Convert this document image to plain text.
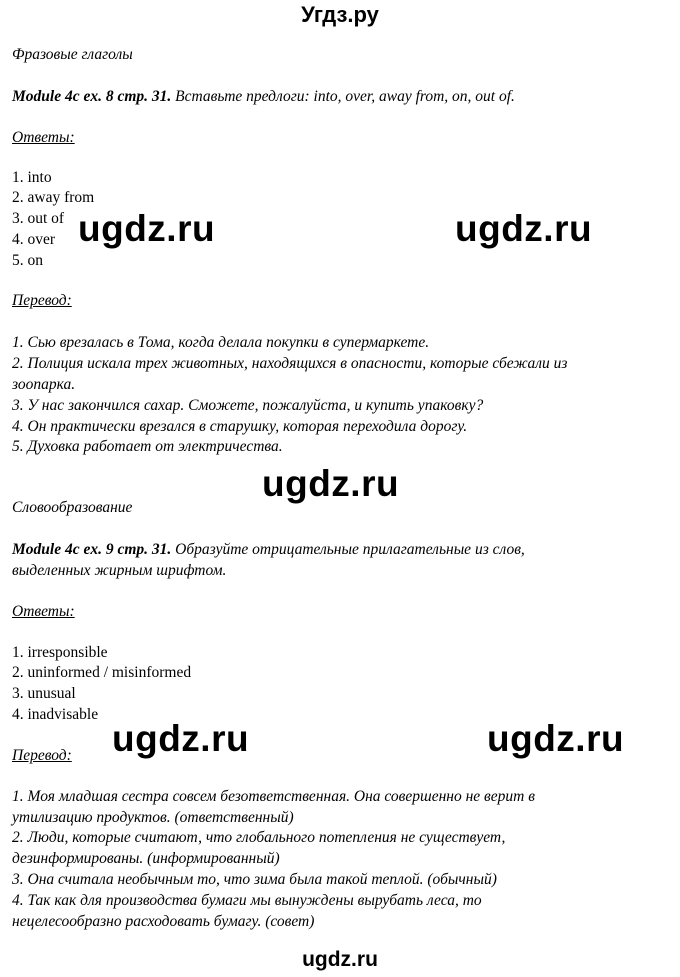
Угдз.ру
Фразовые глаголы
Module 4c ex. 8 стр. 31. Вставьте предлоги: into, over, away from, on, out of.
Ответы:
1. into
2. away from
3. out of
4. over
5. on
Перевод:
1. Сью врезалась в Тома, когда делала покупки в супермаркете.
2. Полиция искала трех животных, находящихся в опасности, которые сбежали из
зоопарка.
3. У нас закончился сахар. Сможете, пожалуйста, и купить упаковку?
4. Он практически врезался в старушку, которая переходила дорогу.
5. Духовка работает от электричества.
Словообразование
Module 4c ex. 9 стр. 31. Образуйте отрицательные прилагательные из слов,
выделенных жирным шрифтом.
Ответы:
1. irresponsible
2. uninformed / misinformed
3. unusual
4. inadvisable
Перевод:
1. Моя младшая сестра совсем безответственная. Она совершенно не верит в
утилизацию продуктов. (ответственный)
2. Люди, которые считают, что глобального потепления не существует,
дезинформированы. (информированный)
3. Она считала необычным то, что зима была такой теплой. (обычный)
4. Так как для производства бумаги мы вынуждены вырубать леса, то
нецелесообразно расходовать бумагу. (совет)
ugdz.ru	ugdz.ru
ugdz.ru
ugdz.ru	ugdz.ru
ugdz.ru
